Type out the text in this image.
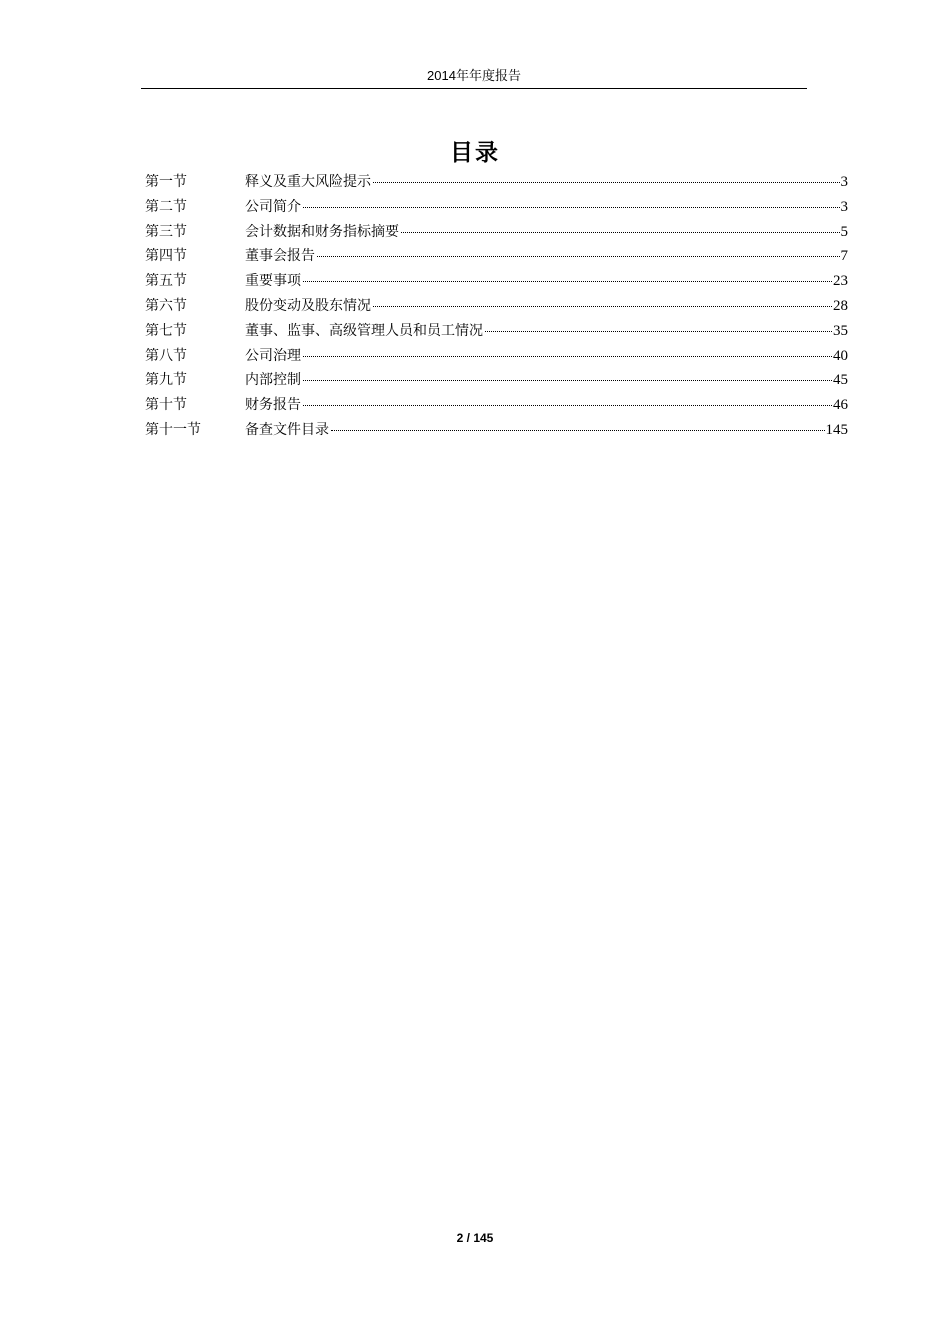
2014年年度报告
目录
第一节	释义及重大风险提示	3
第二节	公司简介	3
第三节	会计数据和财务指标摘要	5
第四节	董事会报告	7
第五节	重要事项	23
第六节	股份变动及股东情况	28
第七节	董事、监事、高级管理人员和员工情况	35
第八节	公司治理	40
第九节	内部控制	45
第十节	财务报告	46
第十一节	备查文件目录	145
2 / 145
